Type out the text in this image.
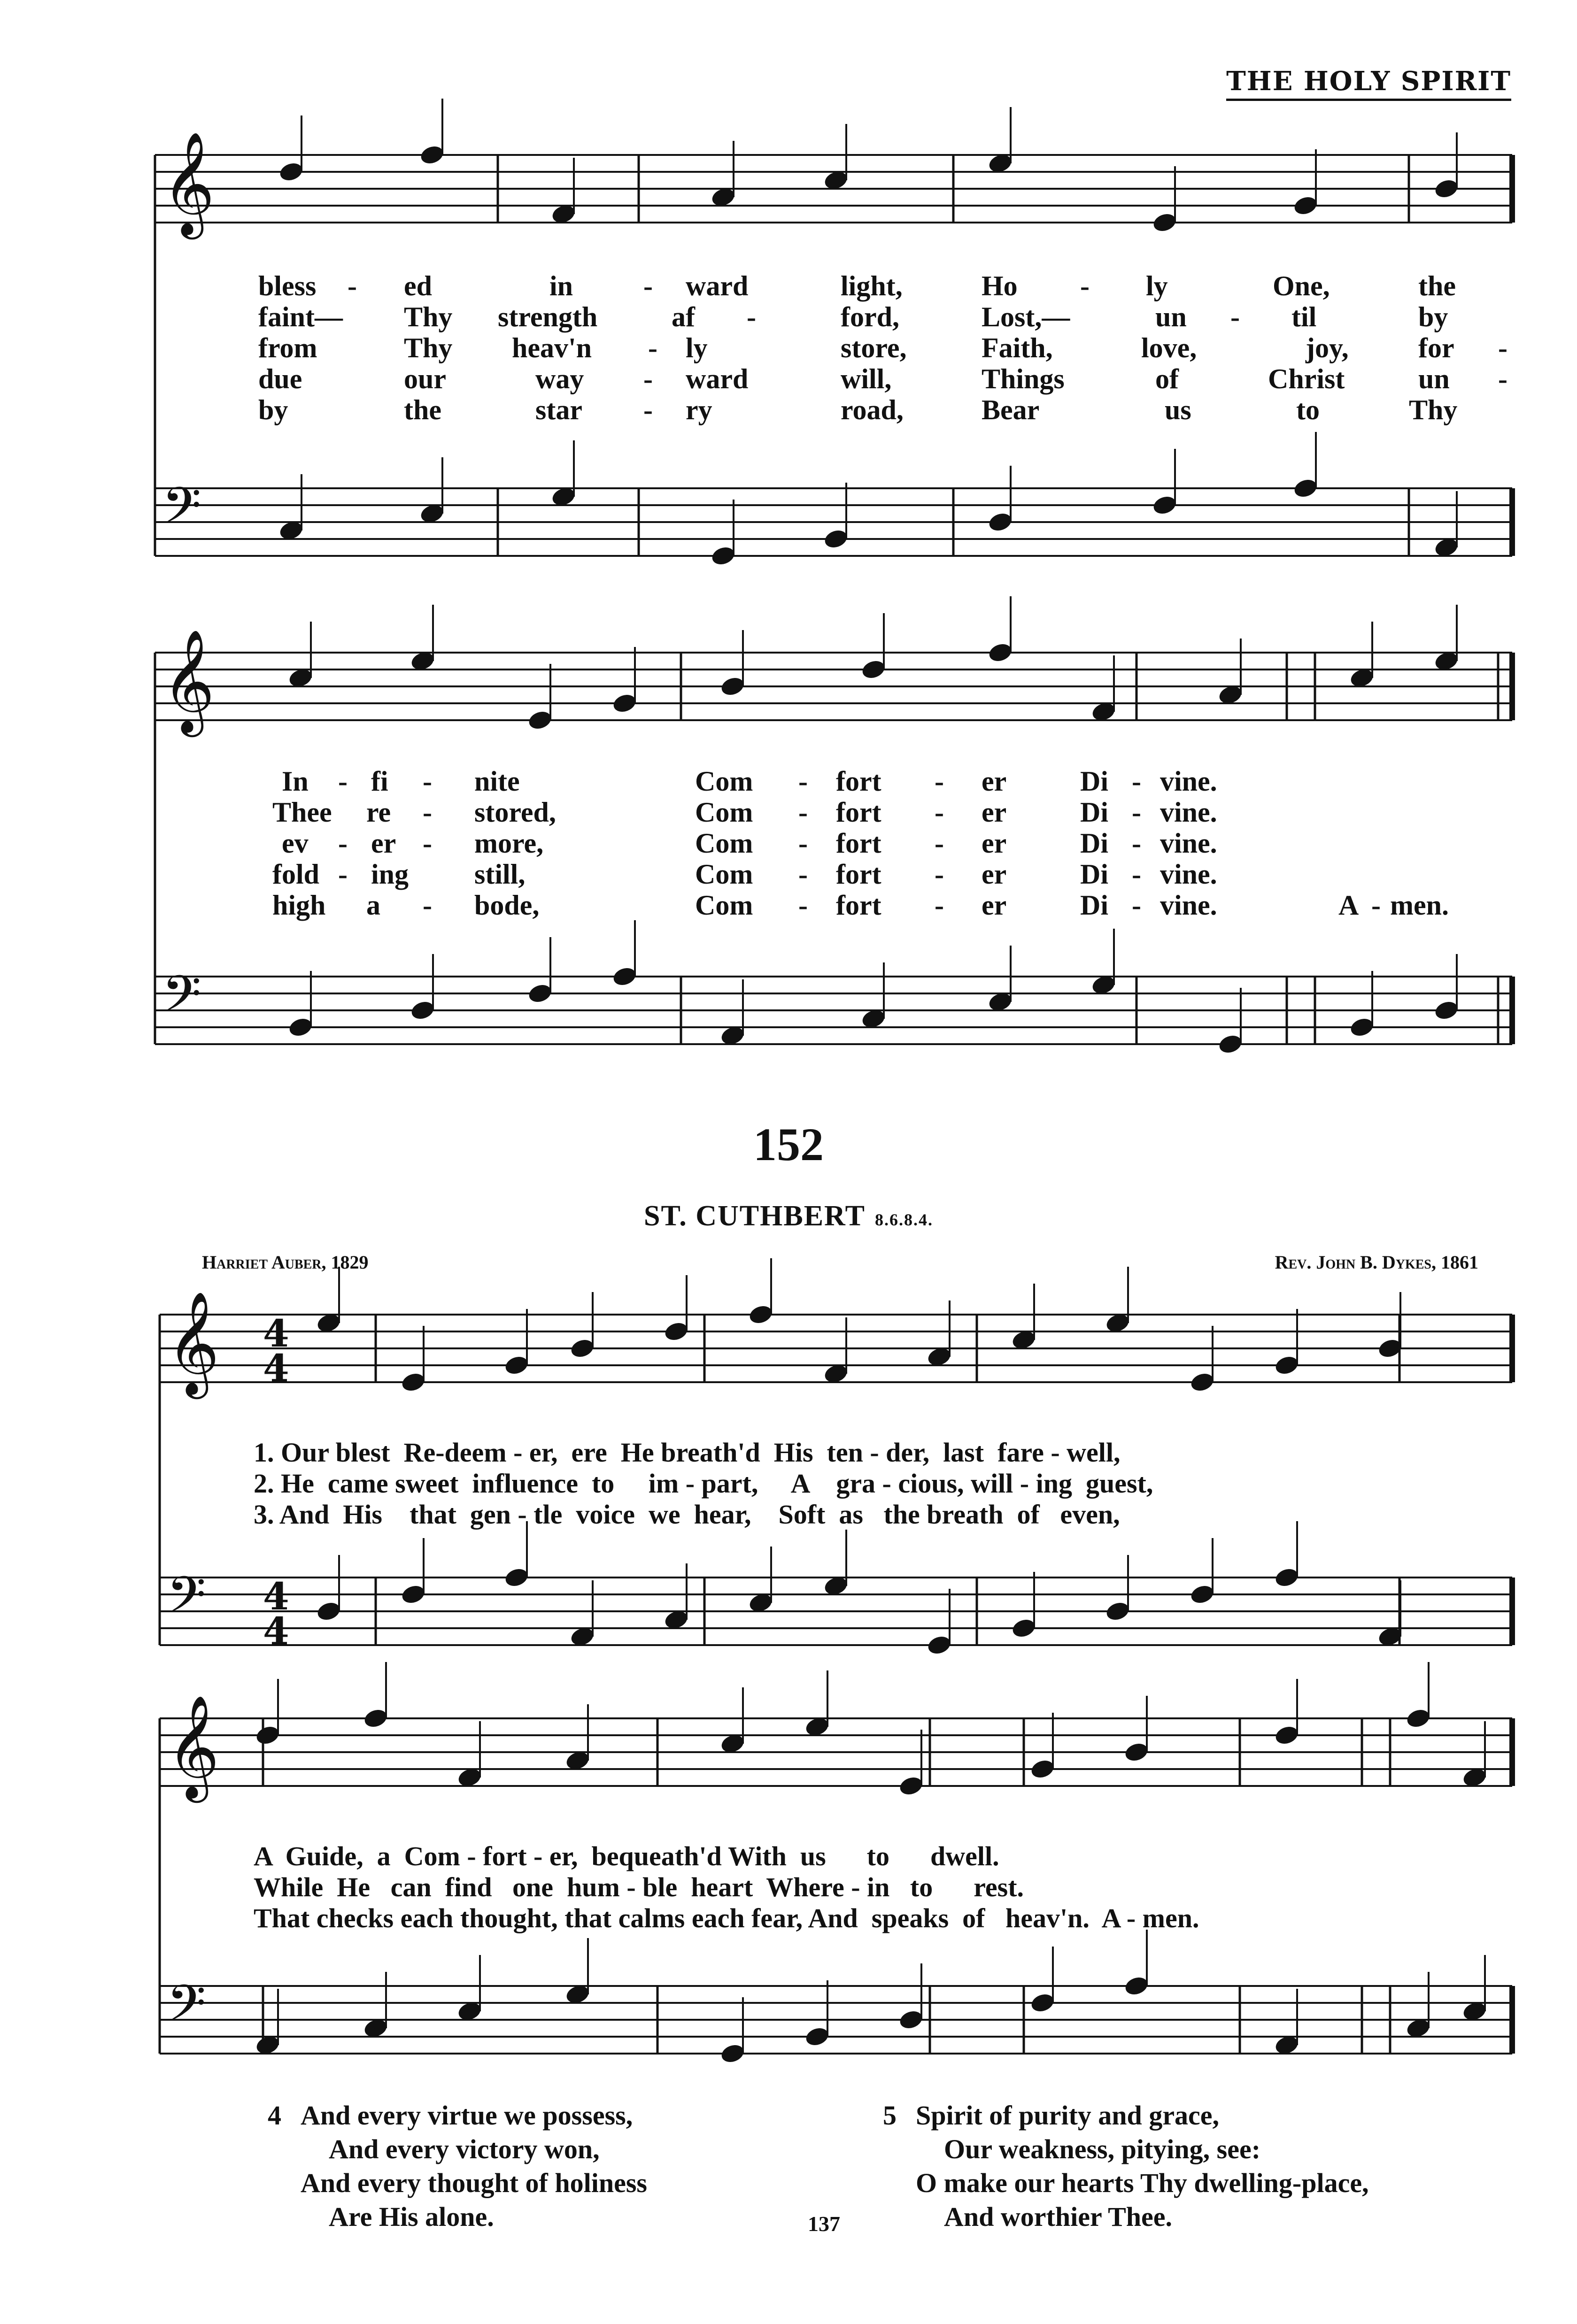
THE HOLY SPIRIT
𝄞
𝄢
𝄞
𝄢
𝄞
𝄢
𝄞
𝄢
4
4
4
4
bless - ed	in - ward	light,	Ho - ly	One,	the
faint— Thy strength	af -	ford,	Lost,—	un - til	by
from	Thy heav'n - ly	store,	Faith,	love,	joy, for -
due	our	way - ward	will,	Things	of	Christ	un -
by	the	star - ry	road,	Bear	us	to	Thy
In - fi - nite	Com - fort - er	Di - vine.
Thee re - stored,	Com - fort - er	Di - vine.
ev - er - more,	Com - fort - er	Di - vine.
fold - ing still,	Com - fort - er	Di - vine.
high a - bode,	Com - fort - er	Di - vine.	A - men.
152
ST. CUTHBERT 8.6.8.4.
Harriet Auber, 1829	Rev. John B. Dykes, 1861
1. Our blest  Re-deem - er,  ere  He breath'd  His  ten - der,  last  fare - well,
2. He  came sweet  influence  to     im - part,     A    gra - cious, will - ing  guest,
3. And  His    that  gen - tle  voice  we  hear,    Soft  as   the breath  of   even,
A  Guide,  a  Com - fort - er,  bequeath'd With  us      to      dwell.
While  He   can  find   one  hum - ble  heart  Where - in   to      rest.
That checks each thought, that calms each fear, And  speaks  of   heav'n.  A - men.
4 And every virtue we possess,
And every victory won,
And every thought of holiness
Are His alone.
5 Spirit of purity and grace,
Our weakness, pitying, see:
O make our hearts Thy dwelling-place,
And worthier Thee.
137
